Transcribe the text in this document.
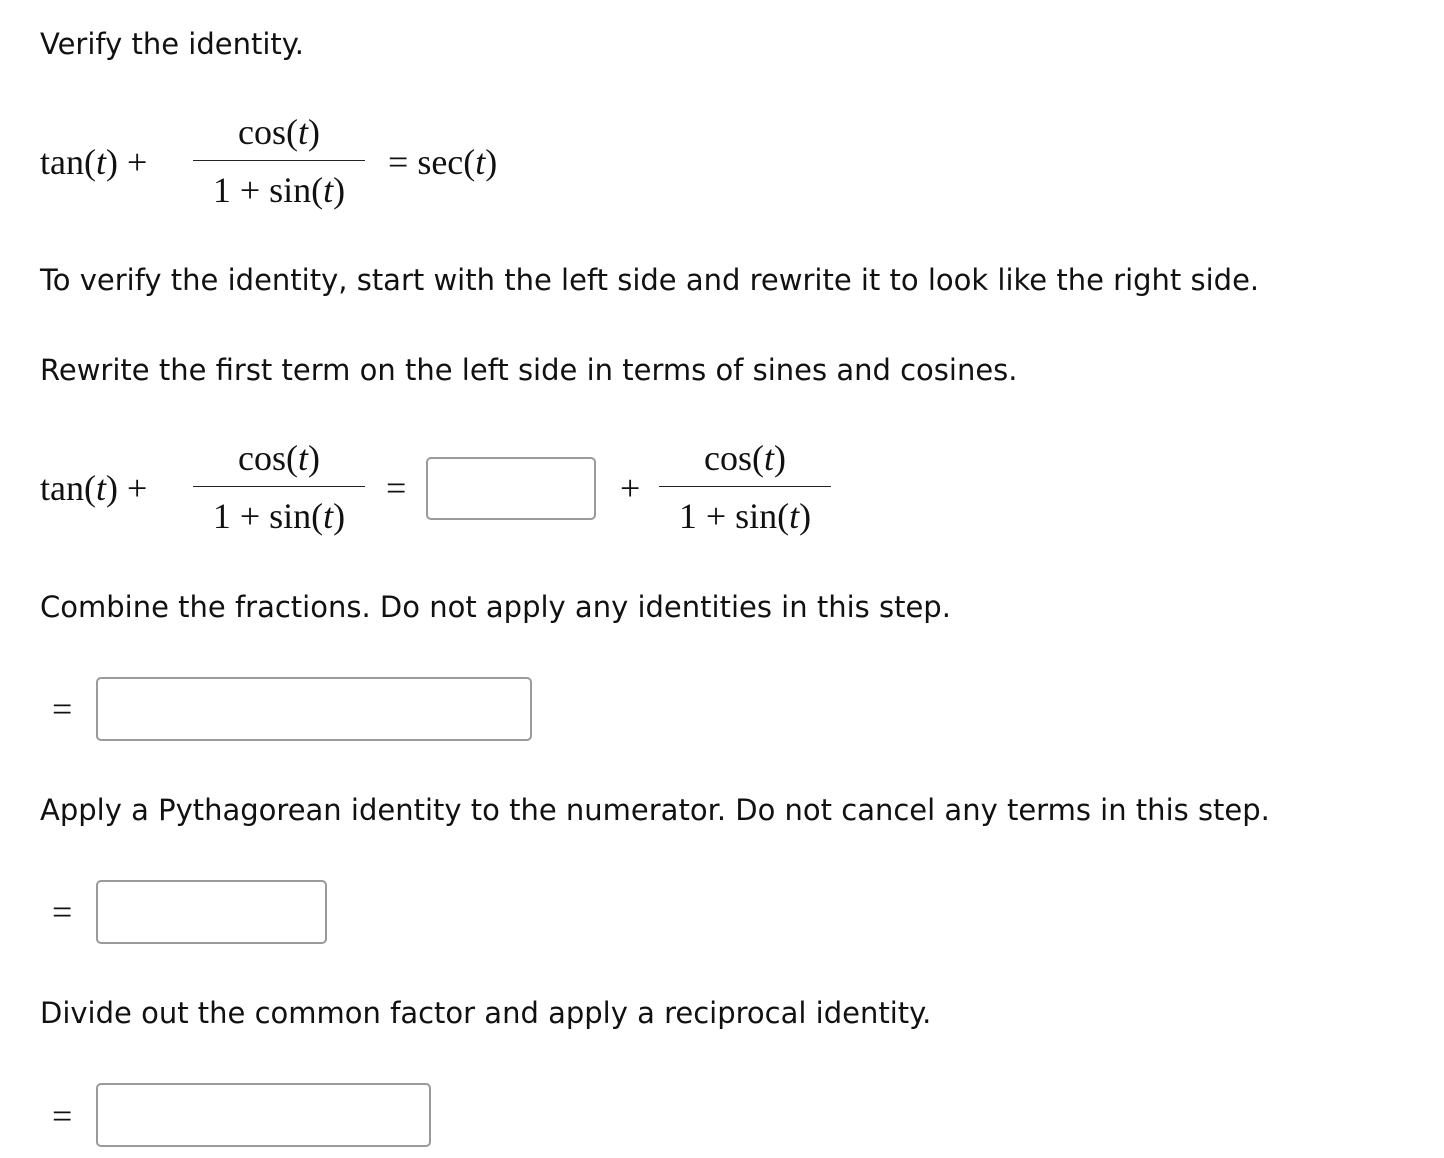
Verify the identity.
tan(t) +
cos(t)
1 + sin(t)
= sec(t)
To verify the identity, start with the left side and rewrite it to look like the right side.
Rewrite the first term on the left side in terms of sines and cosines.
tan(t) +
cos(t)
1 + sin(t)
=	+
cos(t)
1 + sin(t)
Combine the fractions. Do not apply any identities in this step.
=
Apply a Pythagorean identity to the numerator. Do not cancel any terms in this step.
=
Divide out the common factor and apply a reciprocal identity.
=
